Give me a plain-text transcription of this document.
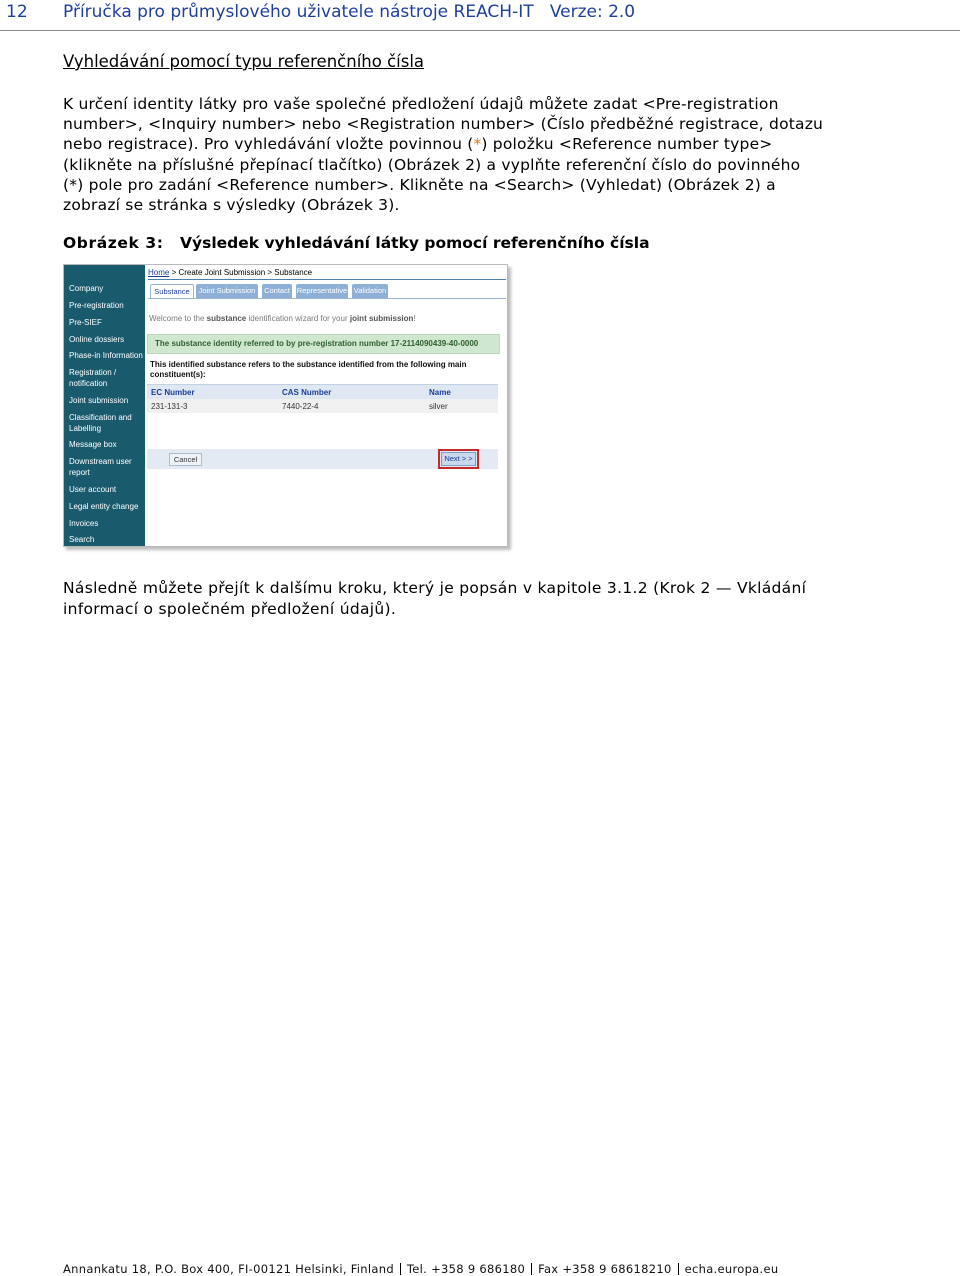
12 Příručka pro průmyslového uživatele nástroje REACH-IT   Verze: 2.0
Vyhledávání pomocí typu referenčního čísla

K určení identity látky pro vaše společné předložení údajů můžete zadat <Pre-registration

number>, <Inquiry number> nebo <Registration number> (Číslo předběžné registrace, dotazu

nebo registrace). Pro vyhledávání vložte povinnou (*) položku <Reference number type>

(klikněte na příslušné přepínací tlačítko) (Obrázek 2) a vyplňte referenční číslo do povinného

(*) pole pro zadání <Reference number>. Klikněte na <Search> (Vyhledat) (Obrázek 2) a

zobrazí se stránka s výsledky (Obrázek 3).

Obrázek 3: Výsledek vyhledávání látky pomocí referenčního čísla
Company
Pre-registration
Pre-SIEF
Online dossiers
Phase-in Information
Registration /
notification
Joint submission
Classification and
Labelling
Message box
Downstream user
report
User account
Legal entity change
Invoices
Search
Home > Create Joint Submission > Substance
Substance	Joint Submission	Contact Representative Validation
Welcome to the substance identification wizard for your joint submission!
The substance identity referred to by pre-registration number 17-2114090439-40-0000
This identified substance refers to the substance identified from the following main constituent(s):
EC Number	CAS Number	Name
231-131-3	7440-22-4	silver
Cancel	Next > >

Následně můžete přejít k dalšímu kroku, který je popsán v kapitole 3.1.2 (Krok 2 — Vkládání

informací o společném předložení údajů).

Annankatu 18, P.O. Box 400, FI-00121 Helsinki, Finland Tel. +358 9 686180 Fax +358 9 68618210 echa.europa.eu
